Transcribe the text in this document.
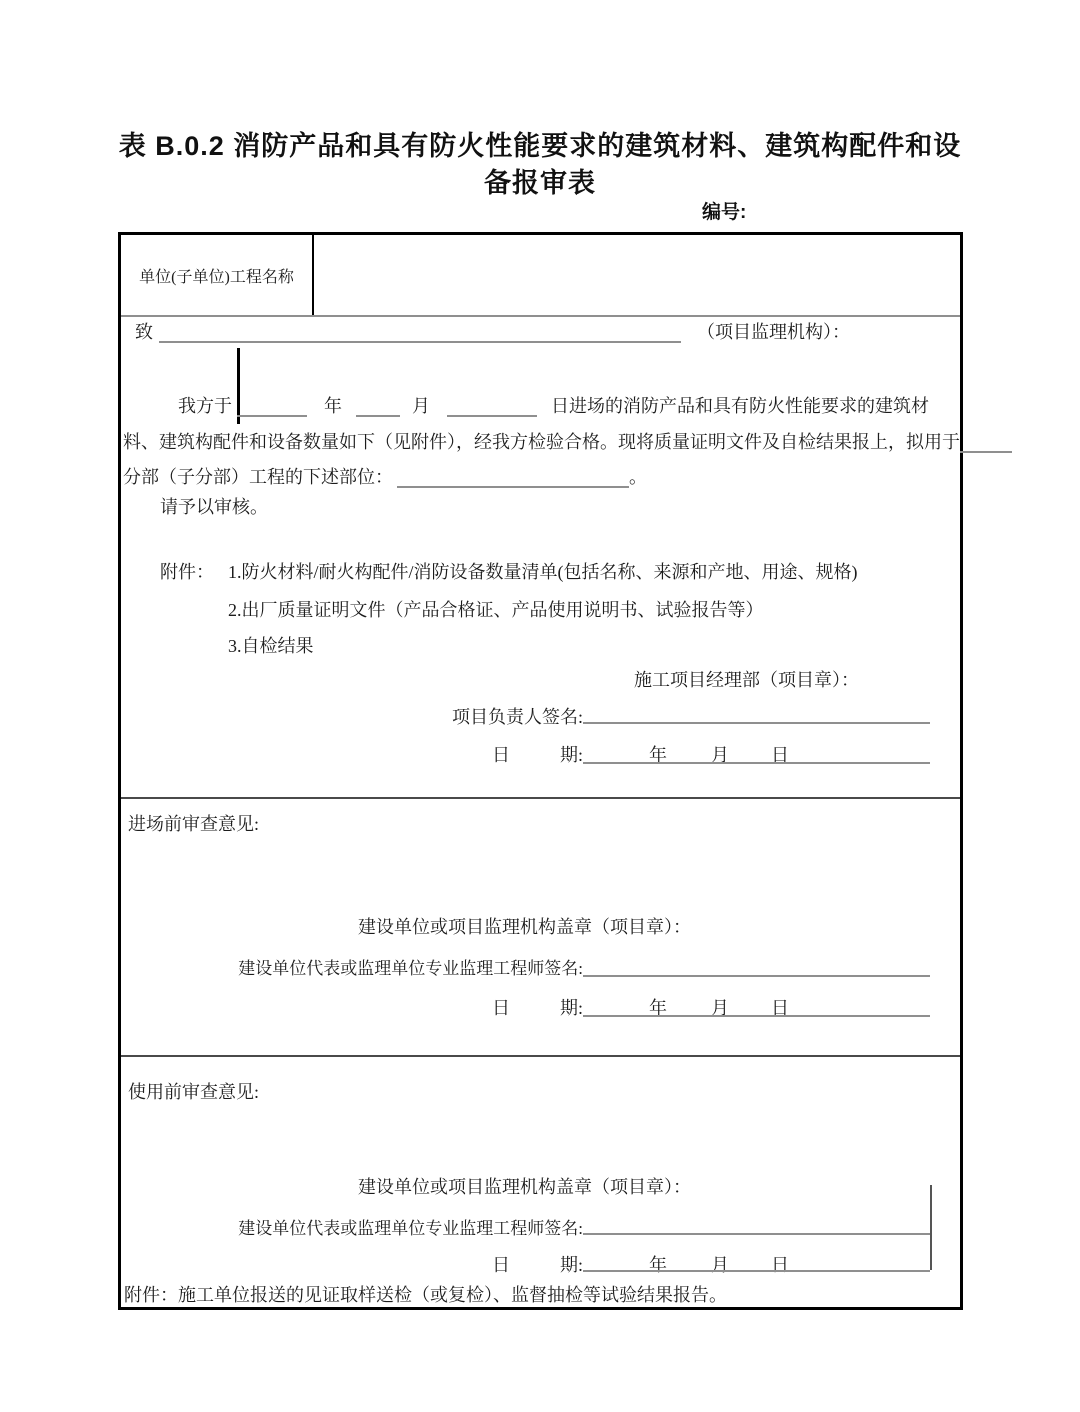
表 B.0.2 消防产品和具有防火性能要求的建筑材料、建筑构配件和设
备报审表
编号:
单位(子单位)工程名称
致	（项目监理机构）：
我方于	年	月	日进场的消防产品和具有防火性能要求的建筑材
料、建筑构配件和设备数量如下（见附件），经我方检验合格。现将质量证明文件及自检结果报上，拟用于
分部（子分部）工程的下述部位：	。
请予以审核。
附件： 1.防火材料/耐火构配件/消防设备数量清单(包括名称、来源和产地、用途、规格)
2.出厂质量证明文件（产品合格证、产品使用说明书、试验报告等）
3.自检结果
施工项目经理部（项目章）：
项目负责人签名:
日	期:	年 月 日
进场前审查意见:
建设单位或项目监理机构盖章（项目章）：
建设单位代表或监理单位专业监理工程师签名:
日	期:	年 月 日
使用前审查意见:
建设单位或项目监理机构盖章（项目章）：
建设单位代表或监理单位专业监理工程师签名:
日	期:	年 月 日
附件：施工单位报送的见证取样送检（或复检）、监督抽检等试验结果报告。
